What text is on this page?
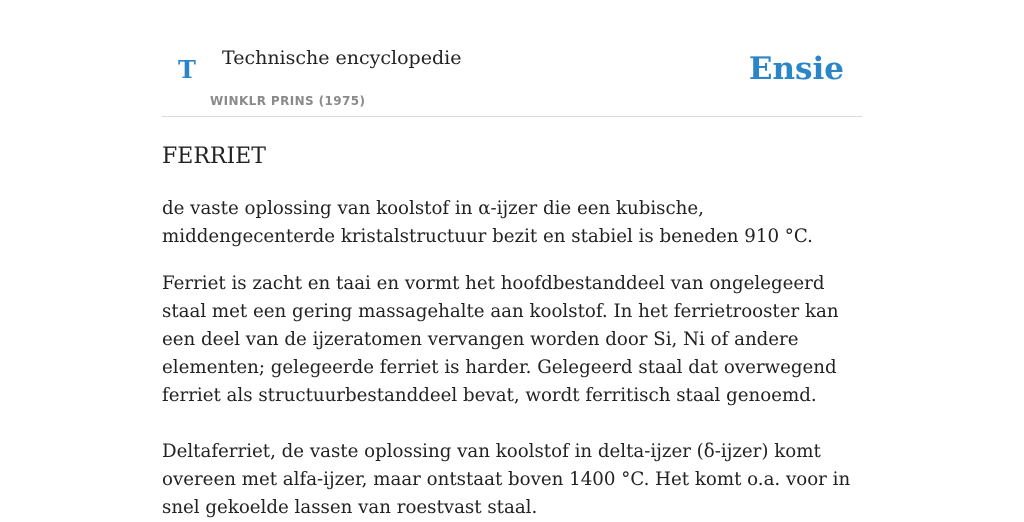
T Technische encyclopedie
WINKLR PRINS (1975)
Ensie
FERRIET

de vaste oplossing van koolstof in α-ijzer die een kubische, middengecenterde kristalstructuur bezit en stabiel is beneden 910 °C.

Ferriet is zacht en taai en vormt het hoofdbestanddeel van ongelegeerd staal met een gering massagehalte aan koolstof. In het ferrietrooster kan een deel van de ijzeratomen vervangen worden door Si, Ni of andere elementen; gelegeerde ferriet is harder. Gelegeerd staal dat overwegend ferriet als structuurbestanddeel bevat, wordt ferritisch staal genoemd.

Deltaferriet, de vaste oplossing van koolstof in delta-ijzer (δ-ijzer) komt overeen met alfa-ijzer, maar ontstaat boven 1400 °C. Het komt o.a. voor in snel gekoelde lassen van roestvast staal.
